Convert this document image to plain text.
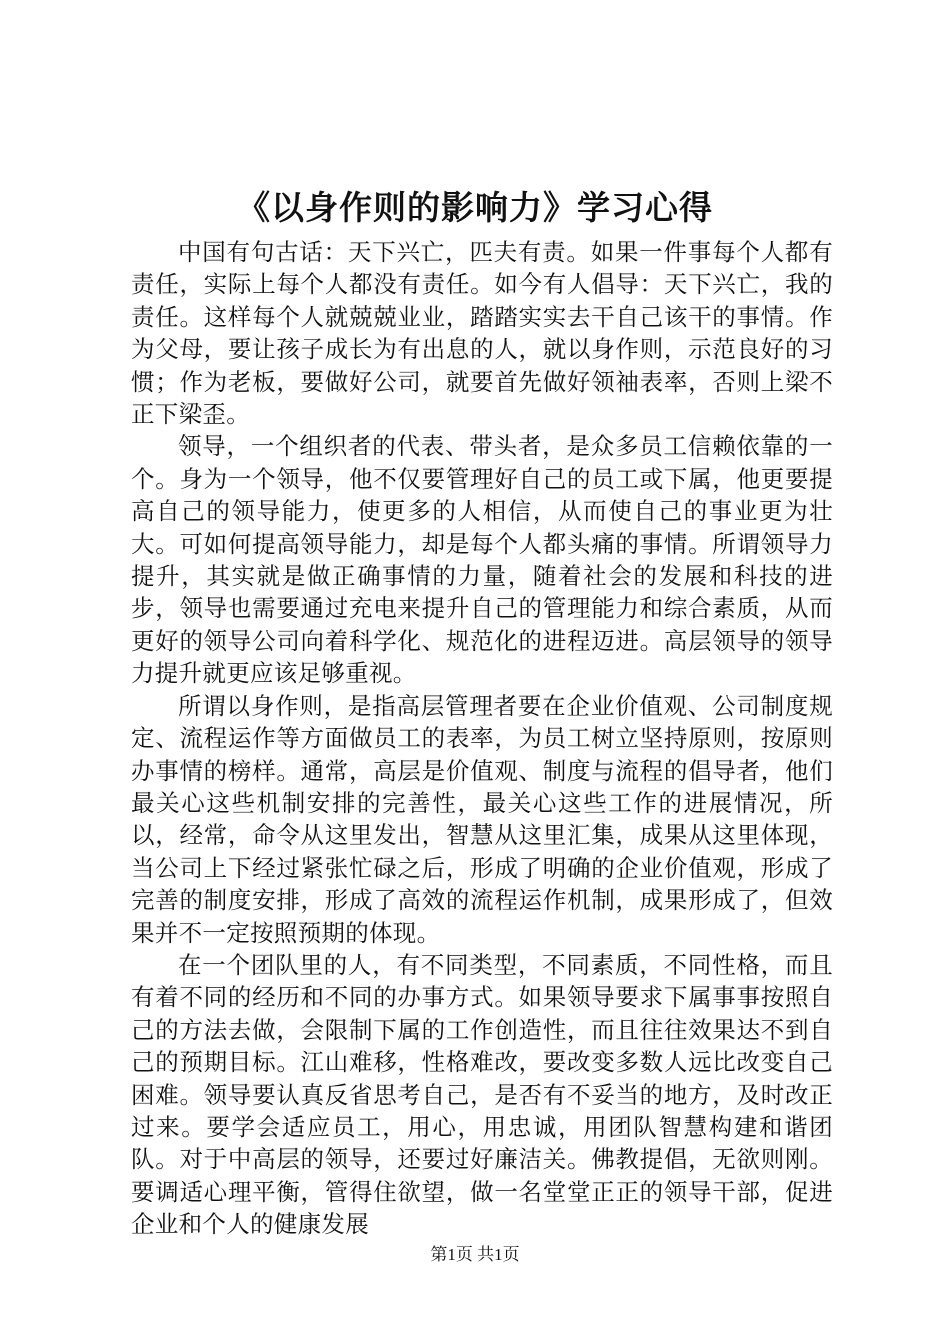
《以身作则的影响力》学习心得

中国有句古话：天下兴亡，匹夫有责。如果一件事每个人都有责任，实际上每个人都没有责任。如今有人倡导：天下兴亡，我的责任。这样每个人就兢兢业业，踏踏实实去干自己该干的事情。作为父母，要让孩子成长为有出息的人，就以身作则，示范良好的习惯；作为老板，要做好公司，就要首先做好领袖表率，否则上梁不正下梁歪。

领导，一个组织者的代表、带头者，是众多员工信赖依靠的一个。身为一个领导，他不仅要管理好自己的员工或下属，他更要提高自己的领导能力，使更多的人相信，从而使自己的事业更为壮大。可如何提高领导能力，却是每个人都头痛的事情。所谓领导力提升，其实就是做正确事情的力量，随着社会的发展和科技的进步，领导也需要通过充电来提升自己的管理能力和综合素质，从而更好的领导公司向着科学化、规范化的进程迈进。高层领导的领导力提升就更应该足够重视。

所谓以身作则，是指高层管理者要在企业价值观、公司制度规定、流程运作等方面做员工的表率，为员工树立坚持原则，按原则办事情的榜样。通常，高层是价值观、制度与流程的倡导者，他们最关心这些机制安排的完善性，最关心这些工作的进展情况，所以，经常，命令从这里发出，智慧从这里汇集，成果从这里体现，当公司上下经过紧张忙碌之后，形成了明确的企业价值观，形成了完善的制度安排，形成了高效的流程运作机制，成果形成了，但效果并不一定按照预期的体现。

在一个团队里的人，有不同类型，不同素质，不同性格，而且有着不同的经历和不同的办事方式。如果领导要求下属事事按照自己的方法去做，会限制下属的工作创造性，而且往往效果达不到自己的预期目标。江山难移，性格难改，要改变多数人远比改变自己困难。领导要认真反省思考自己，是否有不妥当的地方，及时改正过来。要学会适应员工，用心，用忠诚，用团队智慧构建和谐团队。对于中高层的领导，还要过好廉洁关。佛教提倡，无欲则刚。要调适心理平衡，管得住欲望，做一名堂堂正正的领导干部，促进企业和个人的健康发展

第1页 共1页
